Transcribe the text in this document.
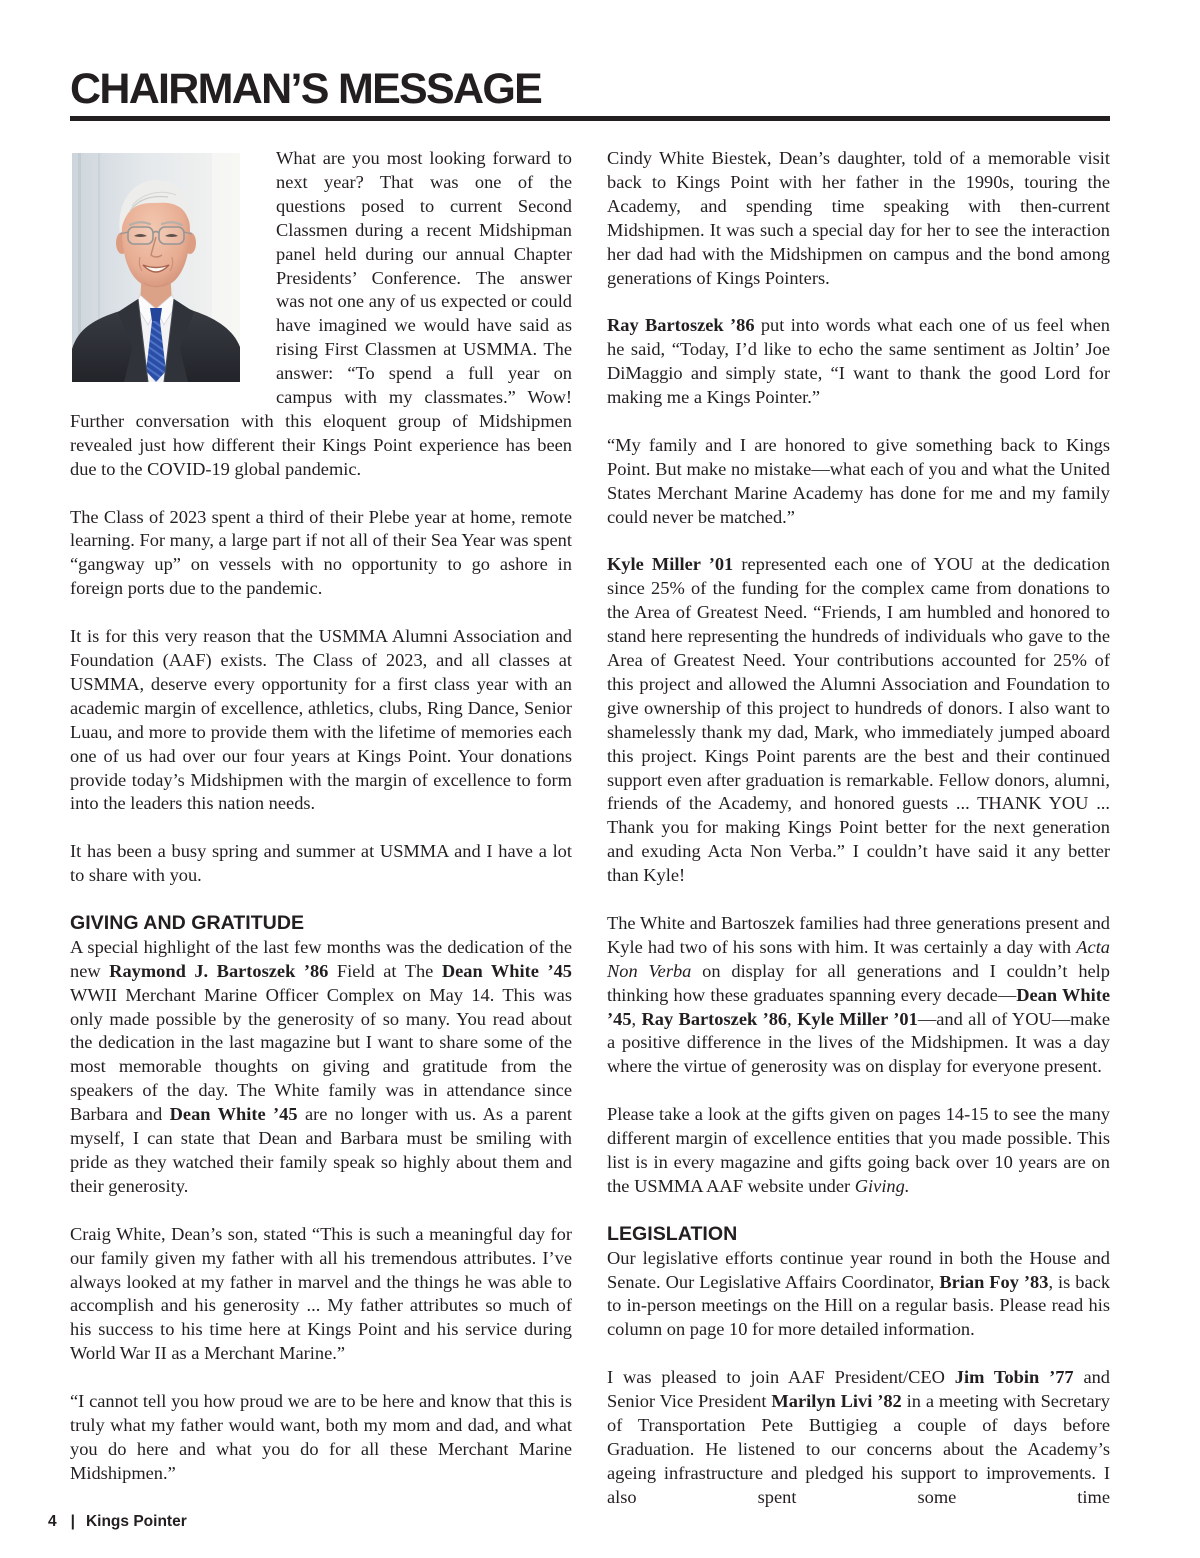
CHAIRMAN’S MESSAGE

What are you most looking forward to next year? That was one of the questions posed to current Second Classmen during a recent Midshipman panel held during our annual Chapter Presidents’ Conference. The answer was not one any of us expected or could have imagined we would have said as rising First Classmen at USMMA. The answer: “To spend a full year on campus with my classmates.” Wow! Further conversation with this eloquent group of Midshipmen revealed just how different their Kings Point experience has been due to the COVID-19 global pandemic.

The Class of 2023 spent a third of their Plebe year at home, remote learning. For many, a large part if not all of their Sea Year was spent “gangway up” on vessels with no opportunity to go ashore in foreign ports due to the pandemic.

It is for this very reason that the USMMA Alumni Association and Foundation (AAF) exists. The Class of 2023, and all classes at USMMA, deserve every opportunity for a first class year with an academic margin of excellence, athletics, clubs, Ring Dance, Senior Luau, and more to provide them with the lifetime of memories each one of us had over our four years at Kings Point. Your donations provide today’s Midshipmen with the margin of excellence to form into the leaders this nation needs.

It has been a busy spring and summer at USMMA and I have a lot to share with you.

GIVING AND GRATITUDE

A special highlight of the last few months was the dedication of the new Raymond J. Bartoszek ’86 Field at The Dean White ’45 WWII Merchant Marine Officer Complex on May 14. This was only made possible by the generosity of so many. You read about the dedication in the last magazine but I want to share some of the most memorable thoughts on giving and gratitude from the speakers of the day. The White family was in attendance since Barbara and Dean White ’45 are no longer with us. As a parent myself, I can state that Dean and Barbara must be smiling with pride as they watched their family speak so highly about them and their generosity.

Craig White, Dean’s son, stated “This is such a meaningful day for our family given my father with all his tremendous attributes. I’ve always looked at my father in marvel and the things he was able to accomplish and his generosity ... My father attributes so much of his success to his time here at Kings Point and his service during World War II as a Merchant Marine.”

“I cannot tell you how proud we are to be here and know that this is truly what my father would want, both my mom and dad, and what you do here and what you do for all these Merchant Marine Midshipmen.”

Cindy White Biestek, Dean’s daughter, told of a memorable visit back to Kings Point with her father in the 1990s, touring the Academy, and spending time speaking with then-current Midshipmen. It was such a special day for her to see the interaction her dad had with the Midshipmen on campus and the bond among generations of Kings Pointers.

Ray Bartoszek ’86 put into words what each one of us feel when he said, “Today, I’d like to echo the same sentiment as Joltin’ Joe DiMaggio and simply state, “I want to thank the good Lord for making me a Kings Pointer.”

“My family and I are honored to give something back to Kings Point. But make no mistake—what each of you and what the United States Merchant Marine Academy has done for me and my family could never be matched.”

Kyle Miller ’01 represented each one of YOU at the dedication since 25% of the funding for the complex came from donations to the Area of Greatest Need. “Friends, I am humbled and honored to stand here representing the hundreds of individuals who gave to the Area of Greatest Need. Your contributions accounted for 25% of this project and allowed the Alumni Association and Foundation to give ownership of this project to hundreds of donors. I also want to shamelessly thank my dad, Mark, who immediately jumped aboard this project. Kings Point parents are the best and their continued support even after graduation is remarkable. Fellow donors, alumni, friends of the Academy, and honored guests ... THANK YOU ... Thank you for making Kings Point better for the next generation and exuding Acta Non Verba.” I couldn’t have said it any better than Kyle!

The White and Bartoszek families had three generations present and Kyle had two of his sons with him. It was certainly a day with Acta Non Verba on display for all generations and I couldn’t help thinking how these graduates spanning every decade—Dean White ’45, Ray Bartoszek ’86, Kyle Miller ’01—and all of YOU—make a positive difference in the lives of the Midshipmen. It was a day where the virtue of generosity was on display for everyone present.

Please take a look at the gifts given on pages 14-15 to see the many different margin of excellence entities that you made possible. This list is in every magazine and gifts going back over 10 years are on the USMMA AAF website under Giving.

LEGISLATION

Our legislative efforts continue year round in both the House and Senate. Our Legislative Affairs Coordinator, Brian Foy ’83, is back to in-person meetings on the Hill on a regular basis. Please read his column on page 10 for more detailed information.

I was pleased to join AAF President/CEO Jim Tobin ’77 and Senior Vice President Marilyn Livi ’82 in a meeting with Secretary of Transportation Pete Buttigieg a couple of days before Graduation. He listened to our concerns about the Academy’s ageing infrastructure and pledged his support to improvements. I also spent some time

4 | Kings Pointer
